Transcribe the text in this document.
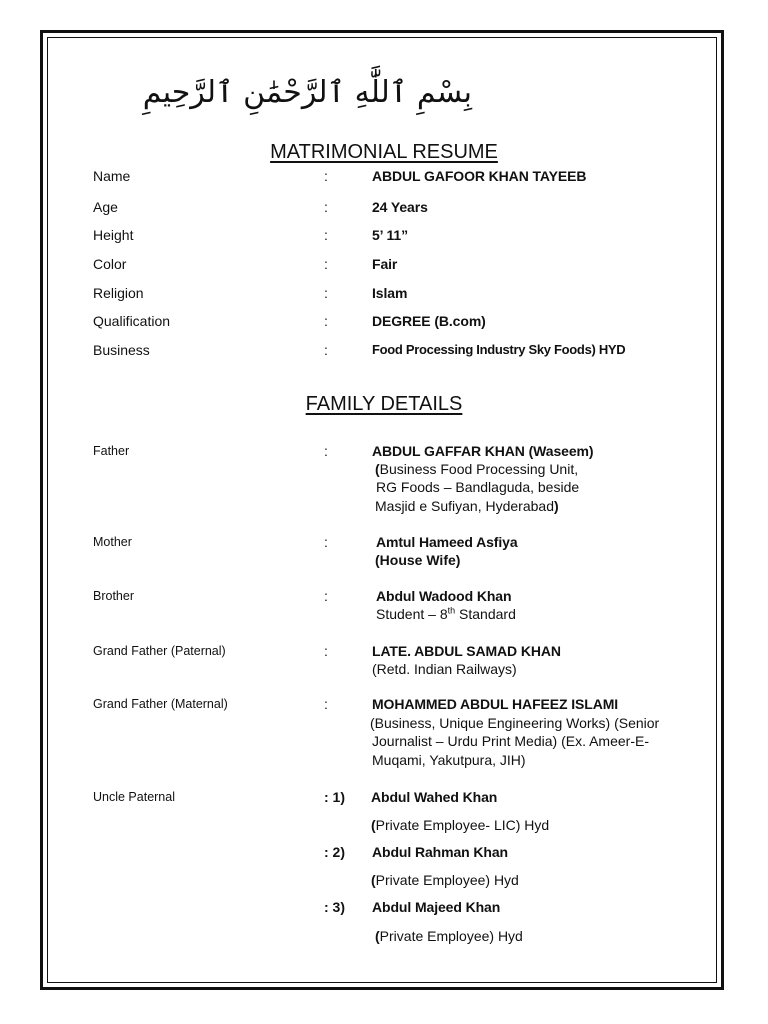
بِسْمِ ٱللَّٰهِ ٱلرَّحْمَٰنِ ٱلرَّحِيمِ
MATRIMONIAL RESUME
Name	:	ABDUL GAFOOR KHAN TAYEEB
Age	:	24 Years
Height	:	5’ 11”
Color	:	Fair
Religion	:	Islam
Qualification	:	DEGREE (B.com)
Business	:	Food Processing Industry Sky Foods) HYD
FAMILY DETAILS
Father	:	ABDUL GAFFAR KHAN (Waseem)
(Business Food Processing Unit,
RG Foods – Bandlaguda, beside
Masjid e Sufiyan, Hyderabad)
Mother	:	Amtul Hameed Asfiya
(House Wife)
Brother	:	Abdul Wadood Khan
Student – 8th Standard
Grand Father (Paternal)	:	LATE. ABDUL SAMAD KHAN
(Retd. Indian Railways)
Grand Father (Maternal)	:	MOHAMMED ABDUL HAFEEZ ISLAMI
(Business, Unique Engineering Works) (Senior
Journalist – Urdu Print Media) (Ex. Ameer-E-
Muqami, Yakutpura, JIH)
Uncle Paternal	: 1) Abdul Wahed Khan
(Private Employee- LIC) Hyd
: 2) Abdul Rahman Khan
(Private Employee) Hyd
: 3) Abdul Majeed Khan
(Private Employee) Hyd
